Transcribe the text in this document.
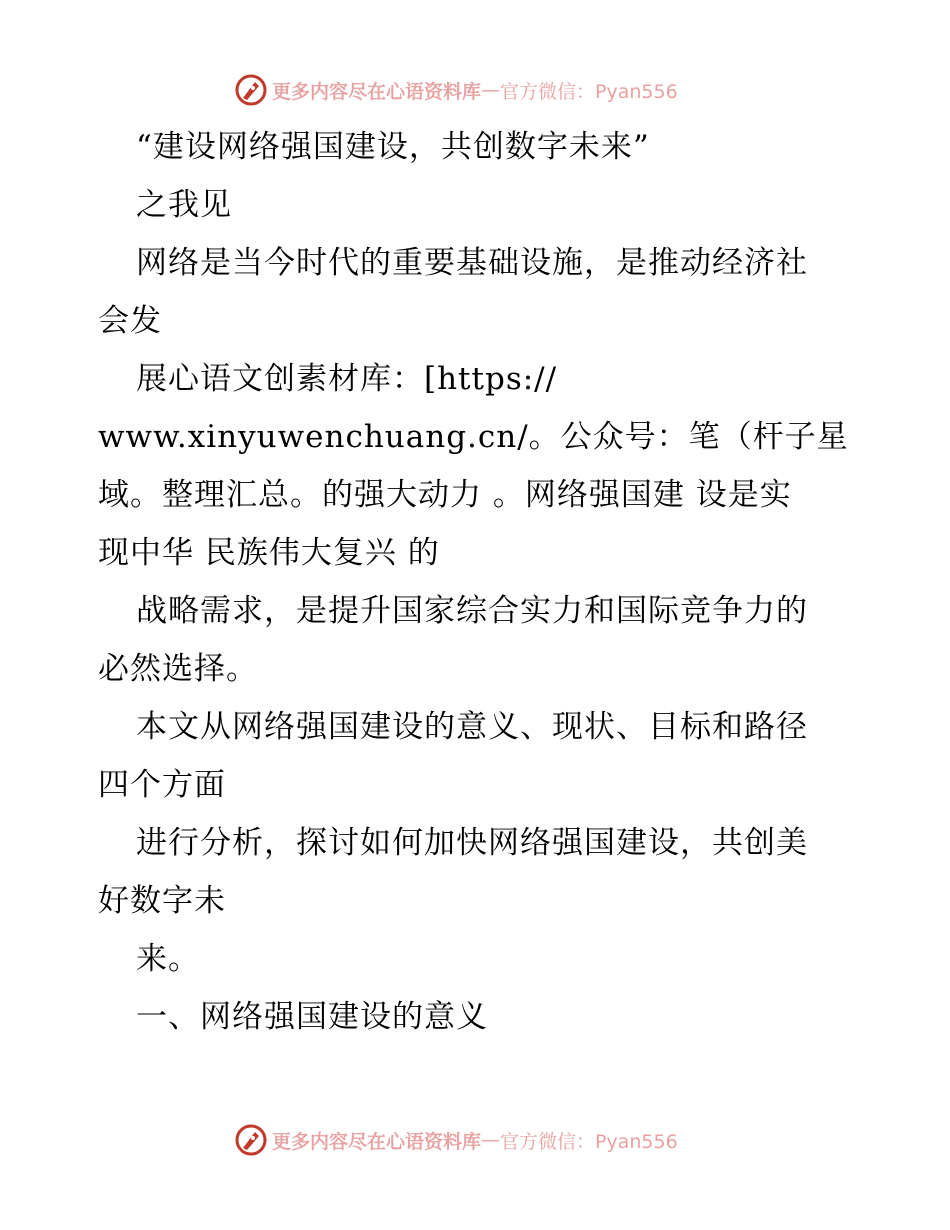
更多内容尽在心语资料库 — 官方微信：Pyan556
“建设网络强国建设，共创数字未来”
之我见
网络是当今时代的重要基础设施，是推动经济社
会发
展心语文创素材库：[https://
www.xinyuwenchuang.cn/。公众号：笔（杆子星
域。整理汇总。的强大动力 。网络强国建 设是实
现中华 民族伟大复兴 的
战略需求，是提升国家综合实力和国际竞争力的
必然选择。
本文从网络强国建设的意义、现状、目标和路径
四个方面
进行分析，探讨如何加快网络强国建设，共创美
好数字未
来。
一、网络强国建设的意义
更多内容尽在心语资料库 — 官方微信：Pyan556
